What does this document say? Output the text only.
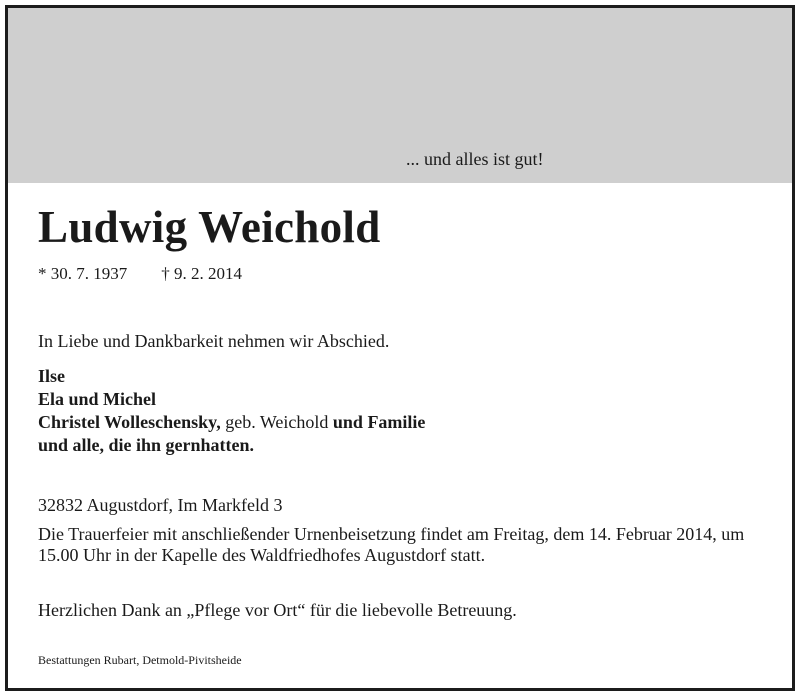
... und alles ist gut!
Ludwig Weichold
* 30. 7. 1937 † 9. 2. 2014
In Liebe und Dankbarkeit nehmen wir Abschied.
Ilse
Ela und Michel
Christel Wolleschensky, geb. Weichold und Familie
und alle, die ihn gernhatten.
32832 Augustdorf, Im Markfeld 3
Die Trauerfeier mit anschließender Urnenbeisetzung findet am Freitag, dem 14. Februar 2014, um 15.00 Uhr in der Kapelle des Waldfriedhofes Augustdorf statt.
Herzlichen Dank an „Pflege vor Ort“ für die liebevolle Betreuung.
Bestattungen Rubart, Detmold-Pivitsheide
